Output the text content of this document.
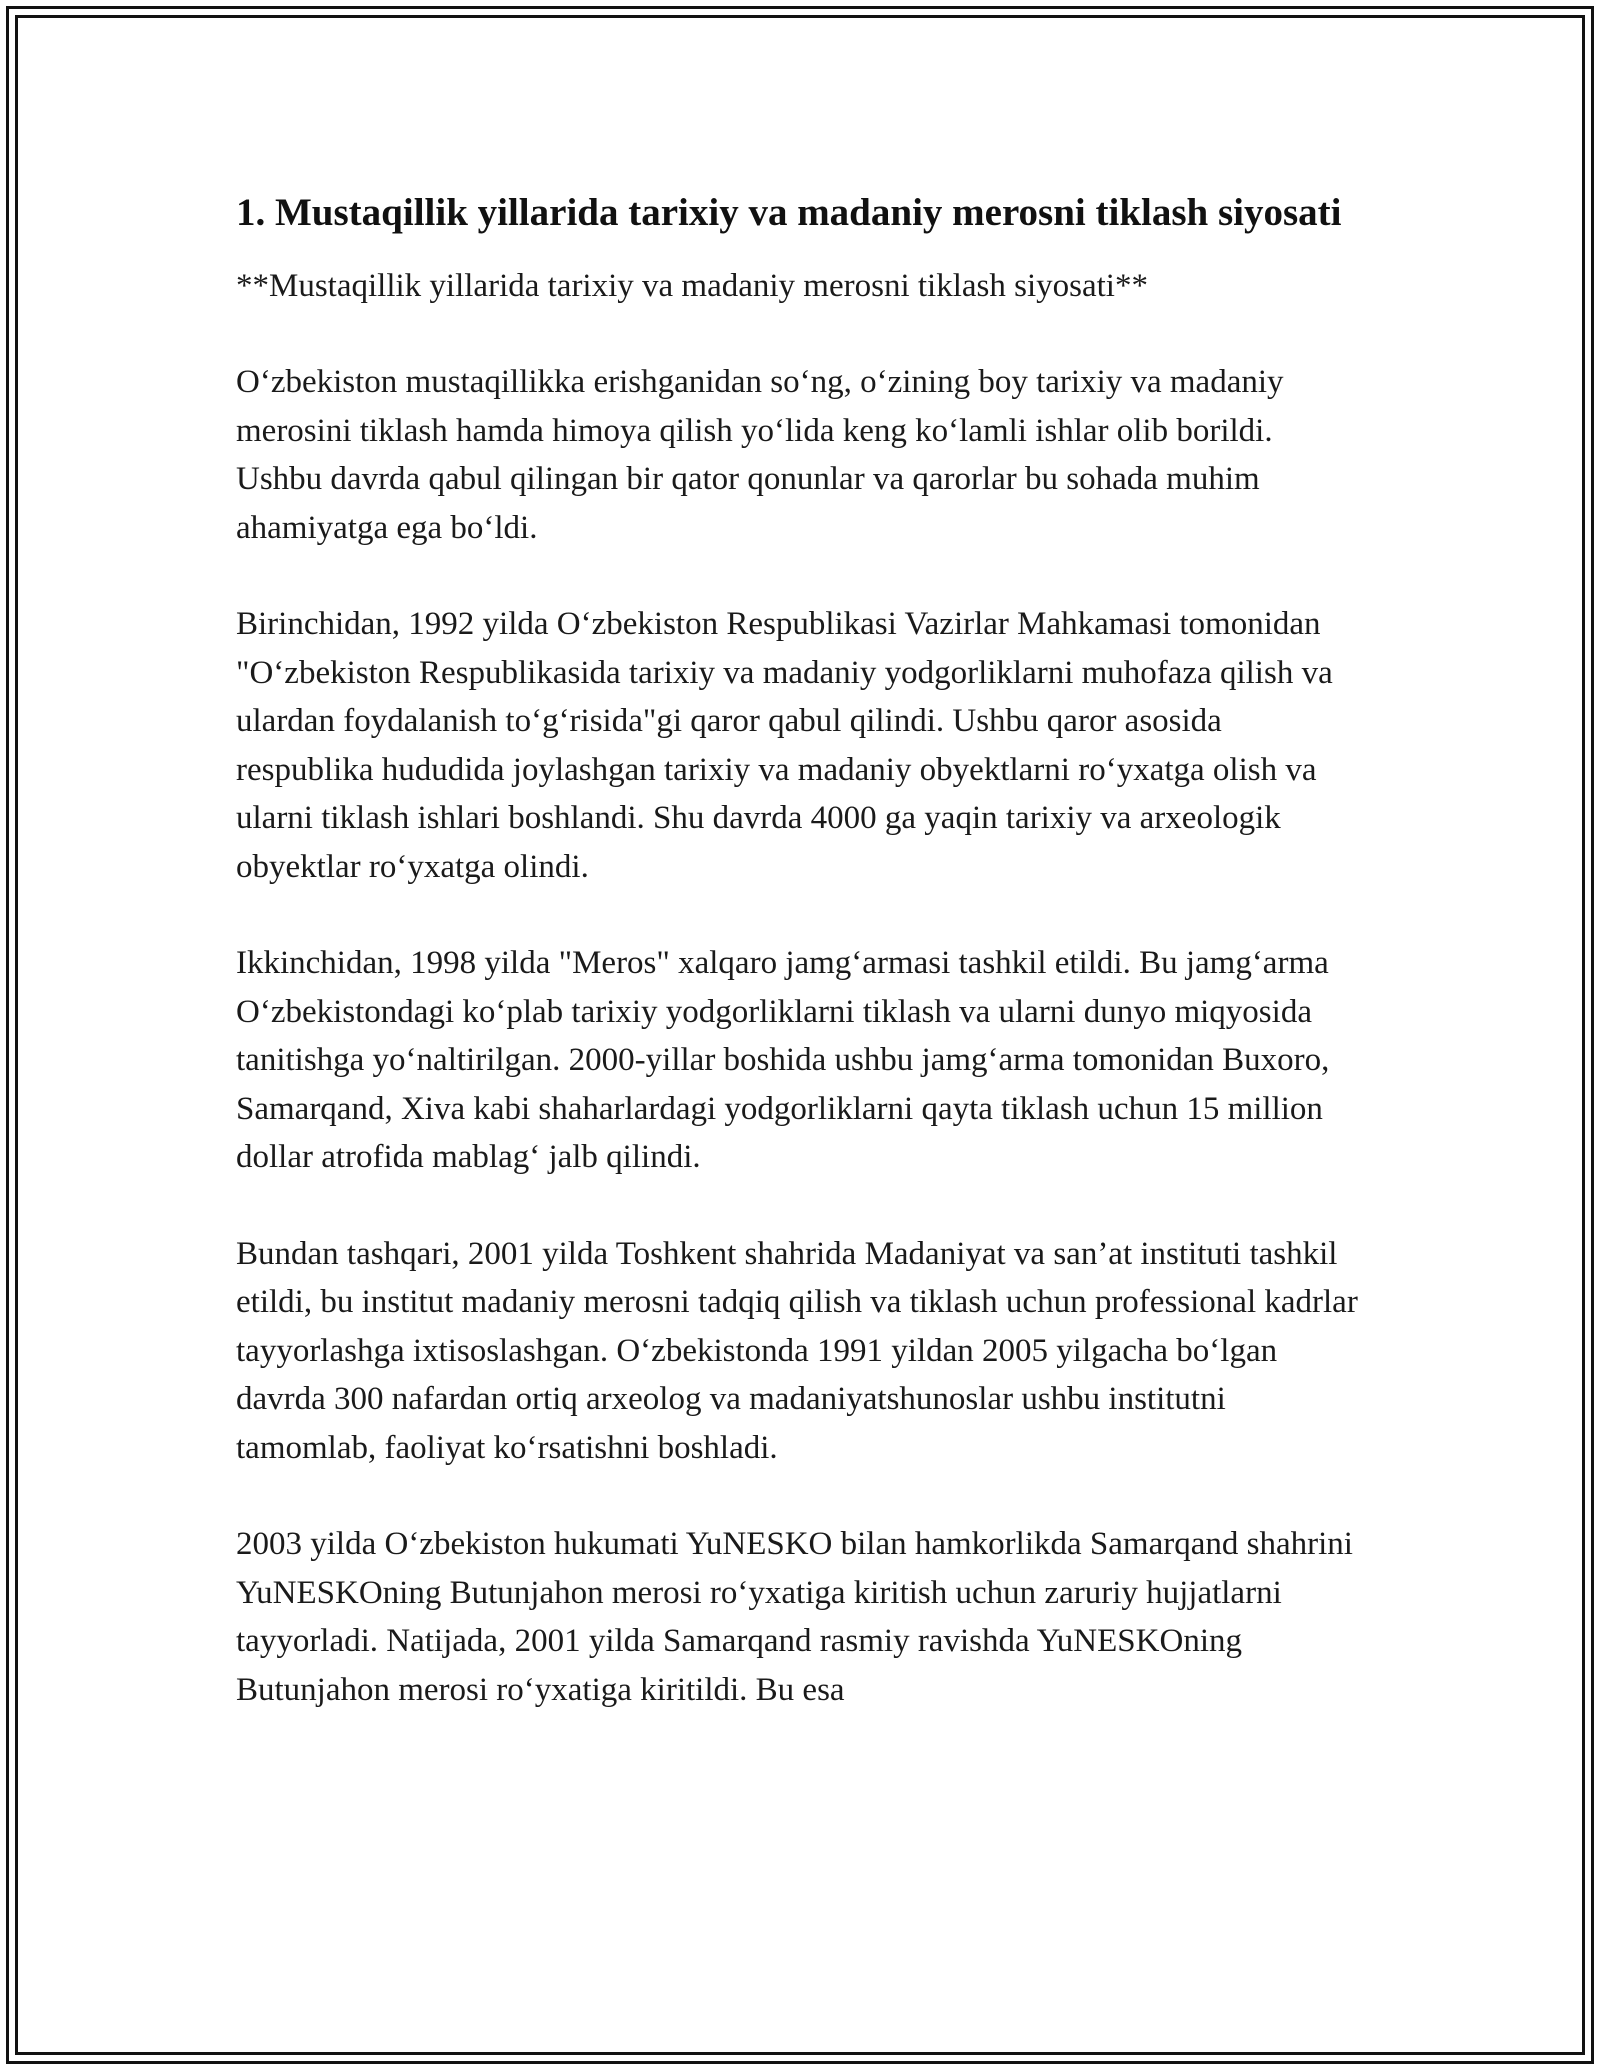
1. Mustaqillik yillarida tarixiy va madaniy merosni tiklash siyosati

**Mustaqillik yillarida tarixiy va madaniy merosni tiklash siyosati**

O‘zbekiston mustaqillikka erishganidan so‘ng, o‘zining boy tarixiy va madaniy merosini tiklash hamda himoya qilish yo‘lida keng ko‘lamli ishlar olib borildi. Ushbu davrda qabul qilingan bir qator qonunlar va qarorlar bu sohada muhim ahamiyatga ega bo‘ldi.

Birinchidan, 1992 yilda O‘zbekiston Respublikasi Vazirlar Mahkamasi tomonidan "O‘zbekiston Respublikasida tarixiy va madaniy yodgorliklarni muhofaza qilish va ulardan foydalanish to‘g‘risida"gi qaror qabul qilindi. Ushbu qaror asosida respublika hududida joylashgan tarixiy va madaniy obyektlarni ro‘yxatga olish va ularni tiklash ishlari boshlandi. Shu davrda 4000 ga yaqin tarixiy va arxeologik obyektlar ro‘yxatga olindi.

Ikkinchidan, 1998 yilda "Meros" xalqaro jamg‘armasi tashkil etildi. Bu jamg‘arma O‘zbekistondagi ko‘plab tarixiy yodgorliklarni tiklash va ularni dunyo miqyosida tanitishga yo‘naltirilgan. 2000-yillar boshida ushbu jamg‘arma tomonidan Buxoro, Samarqand, Xiva kabi shaharlardagi yodgorliklarni qayta tiklash uchun 15 million dollar atrofida mablag‘ jalb qilindi.

Bundan tashqari, 2001 yilda Toshkent shahrida Madaniyat va san’at instituti tashkil etildi, bu institut madaniy merosni tadqiq qilish va tiklash uchun professional kadrlar tayyorlashga ixtisoslashgan. O‘zbekistonda 1991 yildan 2005 yilgacha bo‘lgan davrda 300 nafardan ortiq arxeolog va madaniyatshunoslar ushbu institutni tamomlab, faoliyat ko‘rsatishni boshladi.

2003 yilda O‘zbekiston hukumati YuNESKO bilan hamkorlikda Samarqand shahrini YuNESKOning Butunjahon merosi ro‘yxatiga kiritish uchun zaruriy hujjatlarni tayyorladi. Natijada, 2001 yilda Samarqand rasmiy ravishda YuNESKOning Butunjahon merosi ro‘yxatiga kiritildi. Bu esa
